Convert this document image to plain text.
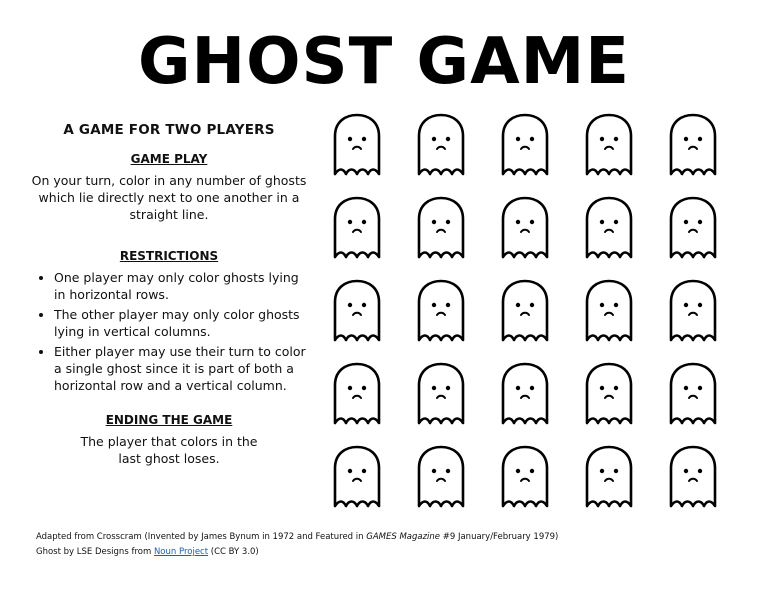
GHOST GAME
A GAME FOR TWO PLAYERS
GAME PLAY

On your turn, color in any number of ghosts which lie directly next to one another in a straight line.

RESTRICTIONS
• One player may only color ghosts lying in horizontal rows.
• The other player may only color ghosts lying in vertical columns.
• Either player may use their turn to color a single ghost since it is part of both a horizontal row and a vertical column.
ENDING THE GAME

The player that colors in the last ghost loses.

Adapted from Crosscram (Invented by James Bynum in 1972 and Featured in GAMES Magazine #9 January/February 1979)
Ghost by LSE Designs from Noun Project (CC BY 3.0)
